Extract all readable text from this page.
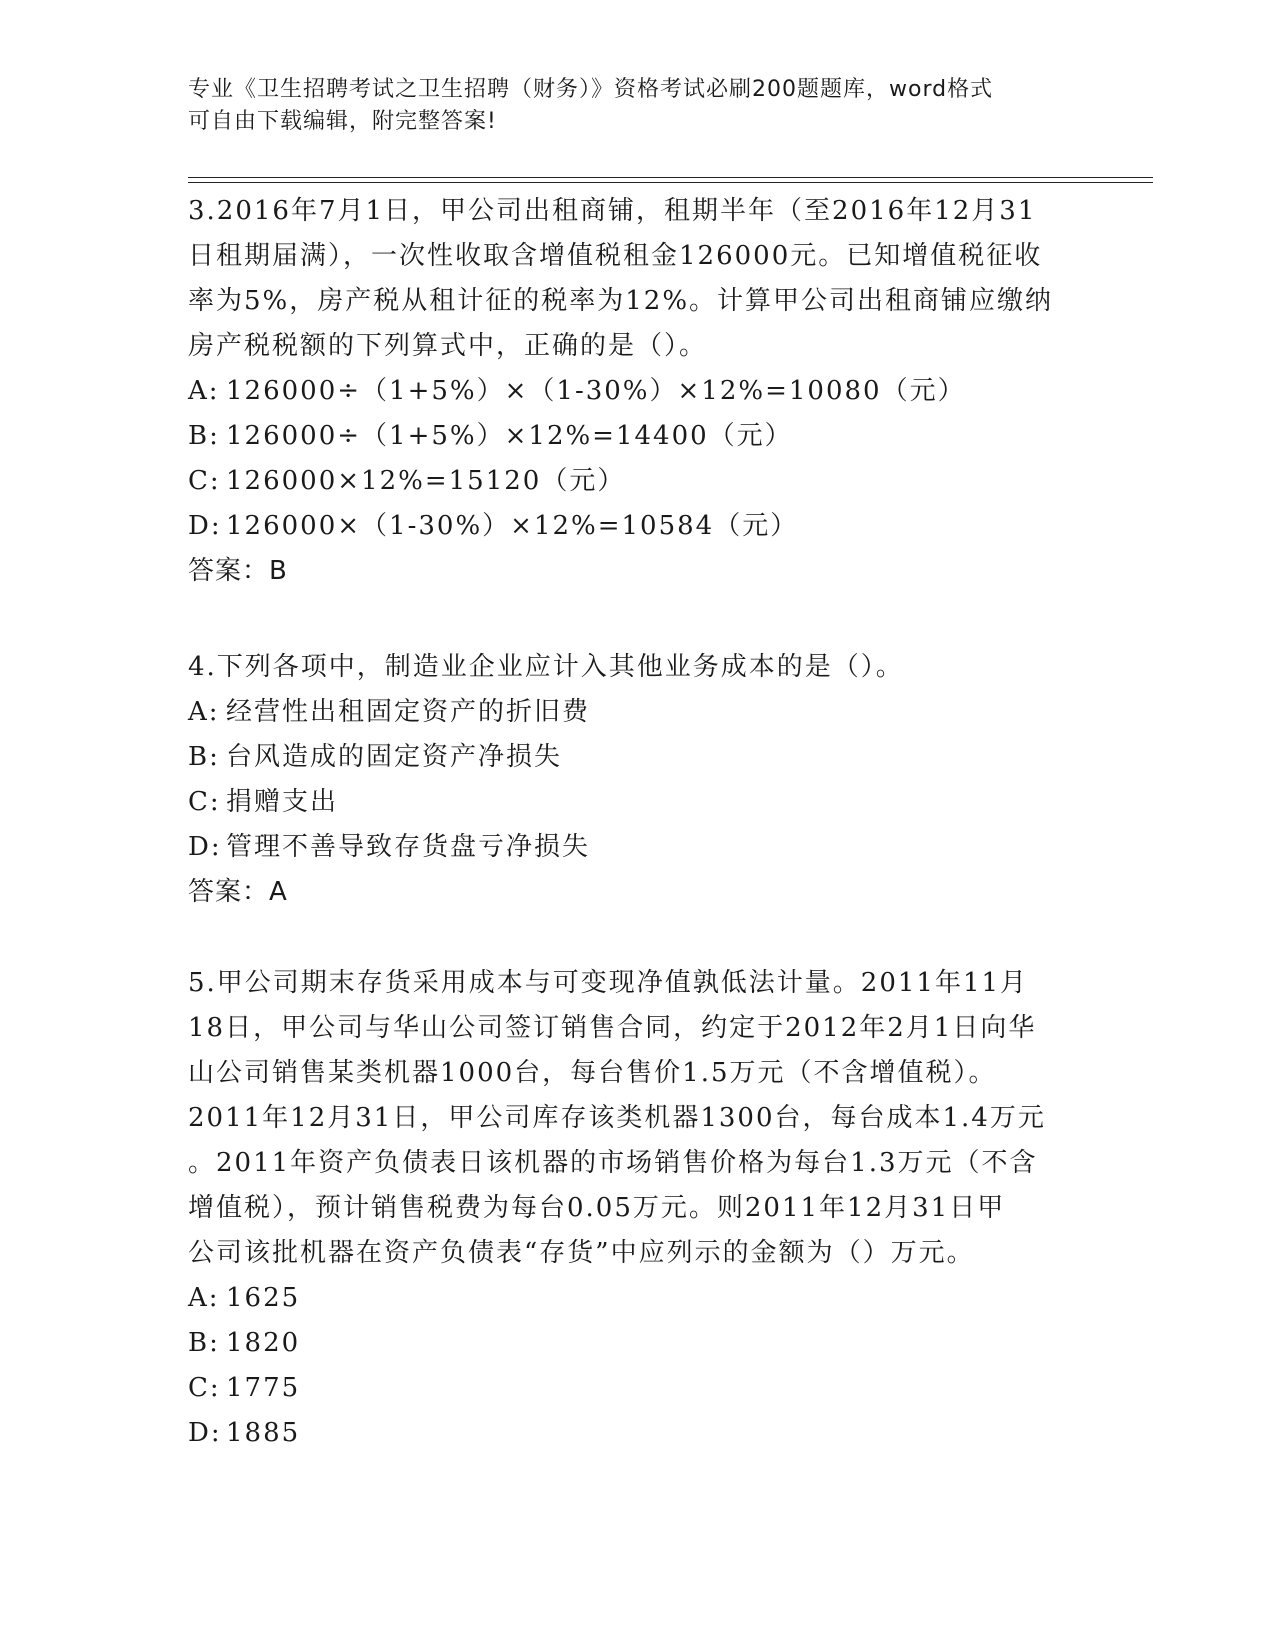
专业《卫生招聘考试之卫生招聘（财务）》资格考试必刷200题题库，word格式
可自由下载编辑，附完整答案!
3.2016年7月1日，甲公司出租商铺，租期半年（至2016年12月31
日租期届满），一次性收取含增值税租金126000元。已知增值税征收
率为5%，房产税从租计征的税率为12%。计算甲公司出租商铺应缴纳
房产税税额的下列算式中，正确的是（）。
A: 126000÷（1+5%）×（1-30%）×12%=10080（元）
B: 126000÷（1+5%）×12%=14400（元）
C: 126000×12%=15120（元）
D: 126000×（1-30%）×12%=10584（元）
答案：B
4.下列各项中，制造业企业应计入其他业务成本的是（）。
A: 经营性出租固定资产的折旧费
B: 台风造成的固定资产净损失
C: 捐赠支出
D: 管理不善导致存货盘亏净损失
答案：A
5.甲公司期末存货采用成本与可变现净值孰低法计量。2011年11月
18日，甲公司与华山公司签订销售合同，约定于2012年2月1日向华
山公司销售某类机器1000台，每台售价1.5万元（不含增值税）。
2011年12月31日，甲公司库存该类机器1300台，每台成本1.4万元
。2011年资产负债表日该机器的市场销售价格为每台1.3万元（不含
增值税），预计销售税费为每台0.05万元。则2011年12月31日甲
公司该批机器在资产负债表“存货”中应列示的金额为（）万元。
A: 1625
B: 1820
C: 1775
D: 1885
